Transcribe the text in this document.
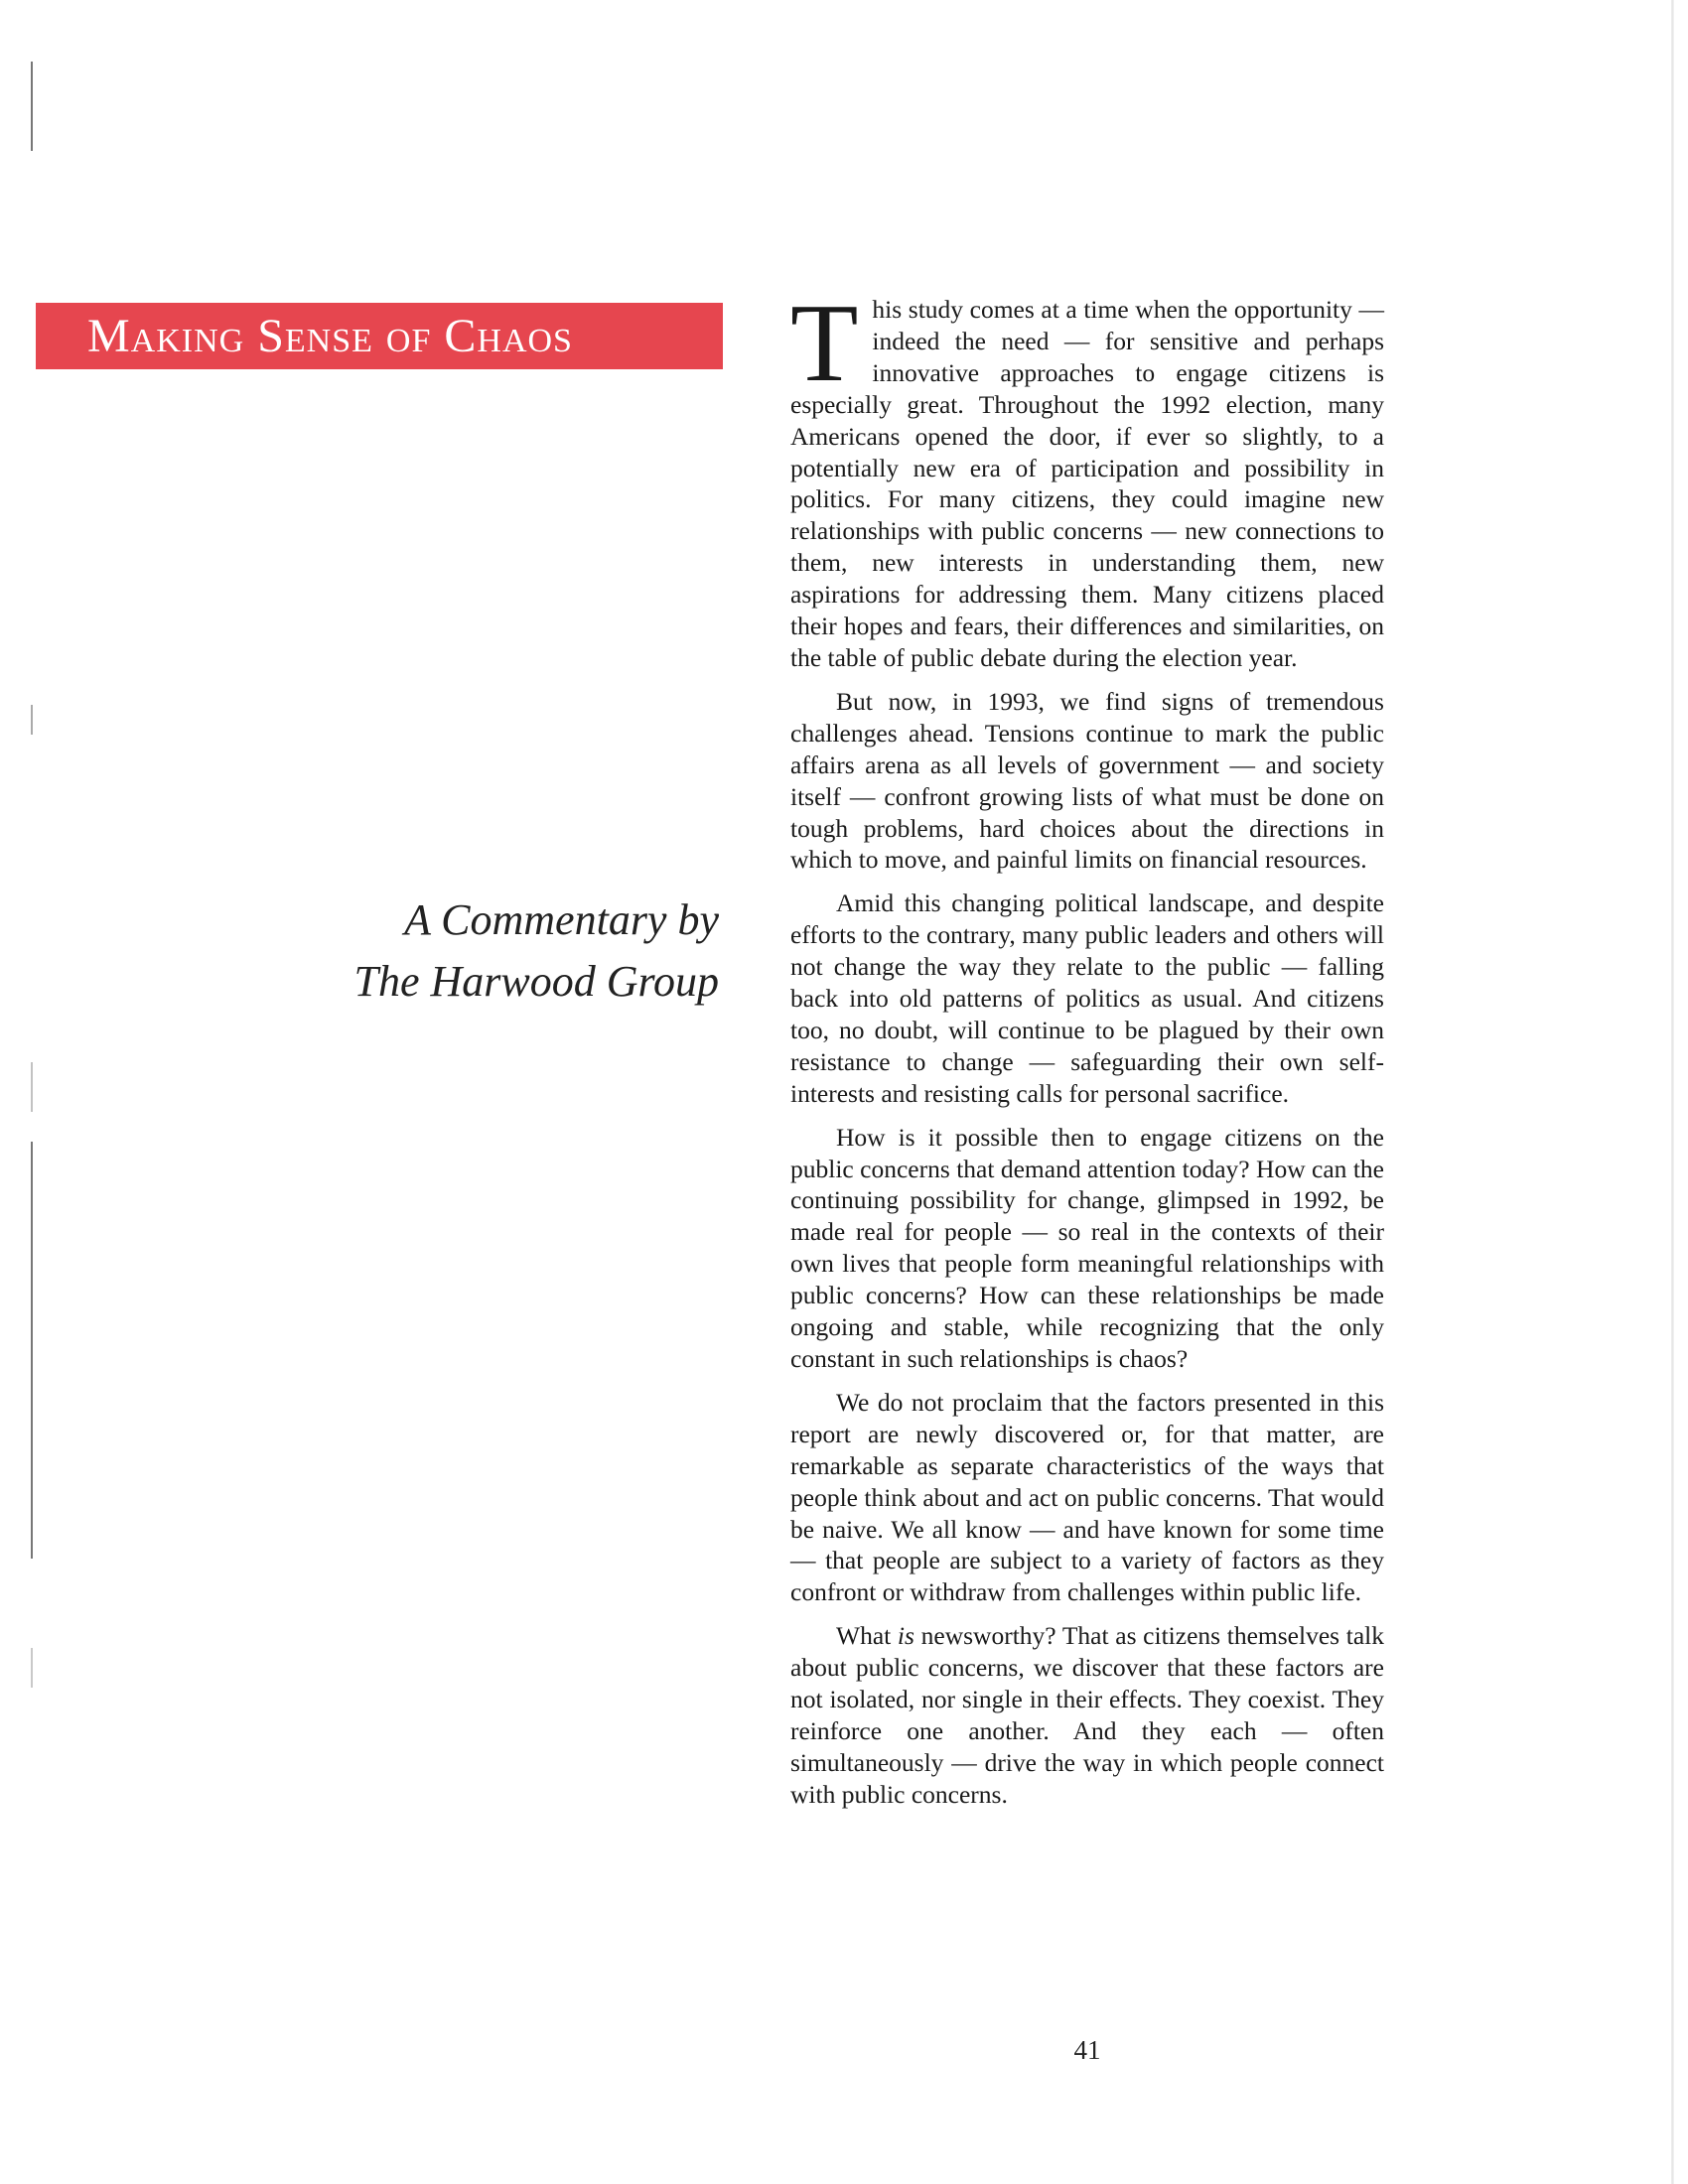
Making Sense of Chaos
A Commentary by
The Harwood Group

This study comes at a time when the opportunity — indeed the need — for sensitive and perhaps innovative approaches to engage citizens is especially great. Throughout the 1992 election, many Americans opened the door, if ever so slightly, to a potentially new era of participation and possibility in politics. For many citizens, they could imagine new relationships with public concerns — new connections to them, new interests in understanding them, new aspirations for addressing them. Many citizens placed their hopes and fears, their differences and similarities, on the table of public debate during the election year.

But now, in 1993, we find signs of tremendous challenges ahead. Tensions continue to mark the public affairs arena as all levels of government — and society itself — confront growing lists of what must be done on tough problems, hard choices about the directions in which to move, and painful limits on financial resources.

Amid this changing political landscape, and despite efforts to the contrary, many public leaders and others will not change the way they relate to the public — falling back into old patterns of politics as usual. And citizens too, no doubt, will continue to be plagued by their own resistance to change — safeguarding their own self-interests and resisting calls for personal sacrifice.

How is it possible then to engage citizens on the public concerns that demand attention today? How can the continuing possibility for change, glimpsed in 1992, be made real for people — so real in the contexts of their own lives that people form meaningful relationships with public concerns? How can these relationships be made ongoing and stable, while recognizing that the only constant in such relationships is chaos?

We do not proclaim that the factors presented in this report are newly discovered or, for that matter, are remarkable as separate characteristics of the ways that people think about and act on public concerns. That would be naive. We all know — and have known for some time — that people are subject to a variety of factors as they confront or withdraw from challenges within public life.

What is newsworthy? That as citizens themselves talk about public concerns, we discover that these factors are not isolated, nor single in their effects. They coexist. They reinforce one another. And they each — often simultaneously — drive the way in which people connect with public concerns.

41
